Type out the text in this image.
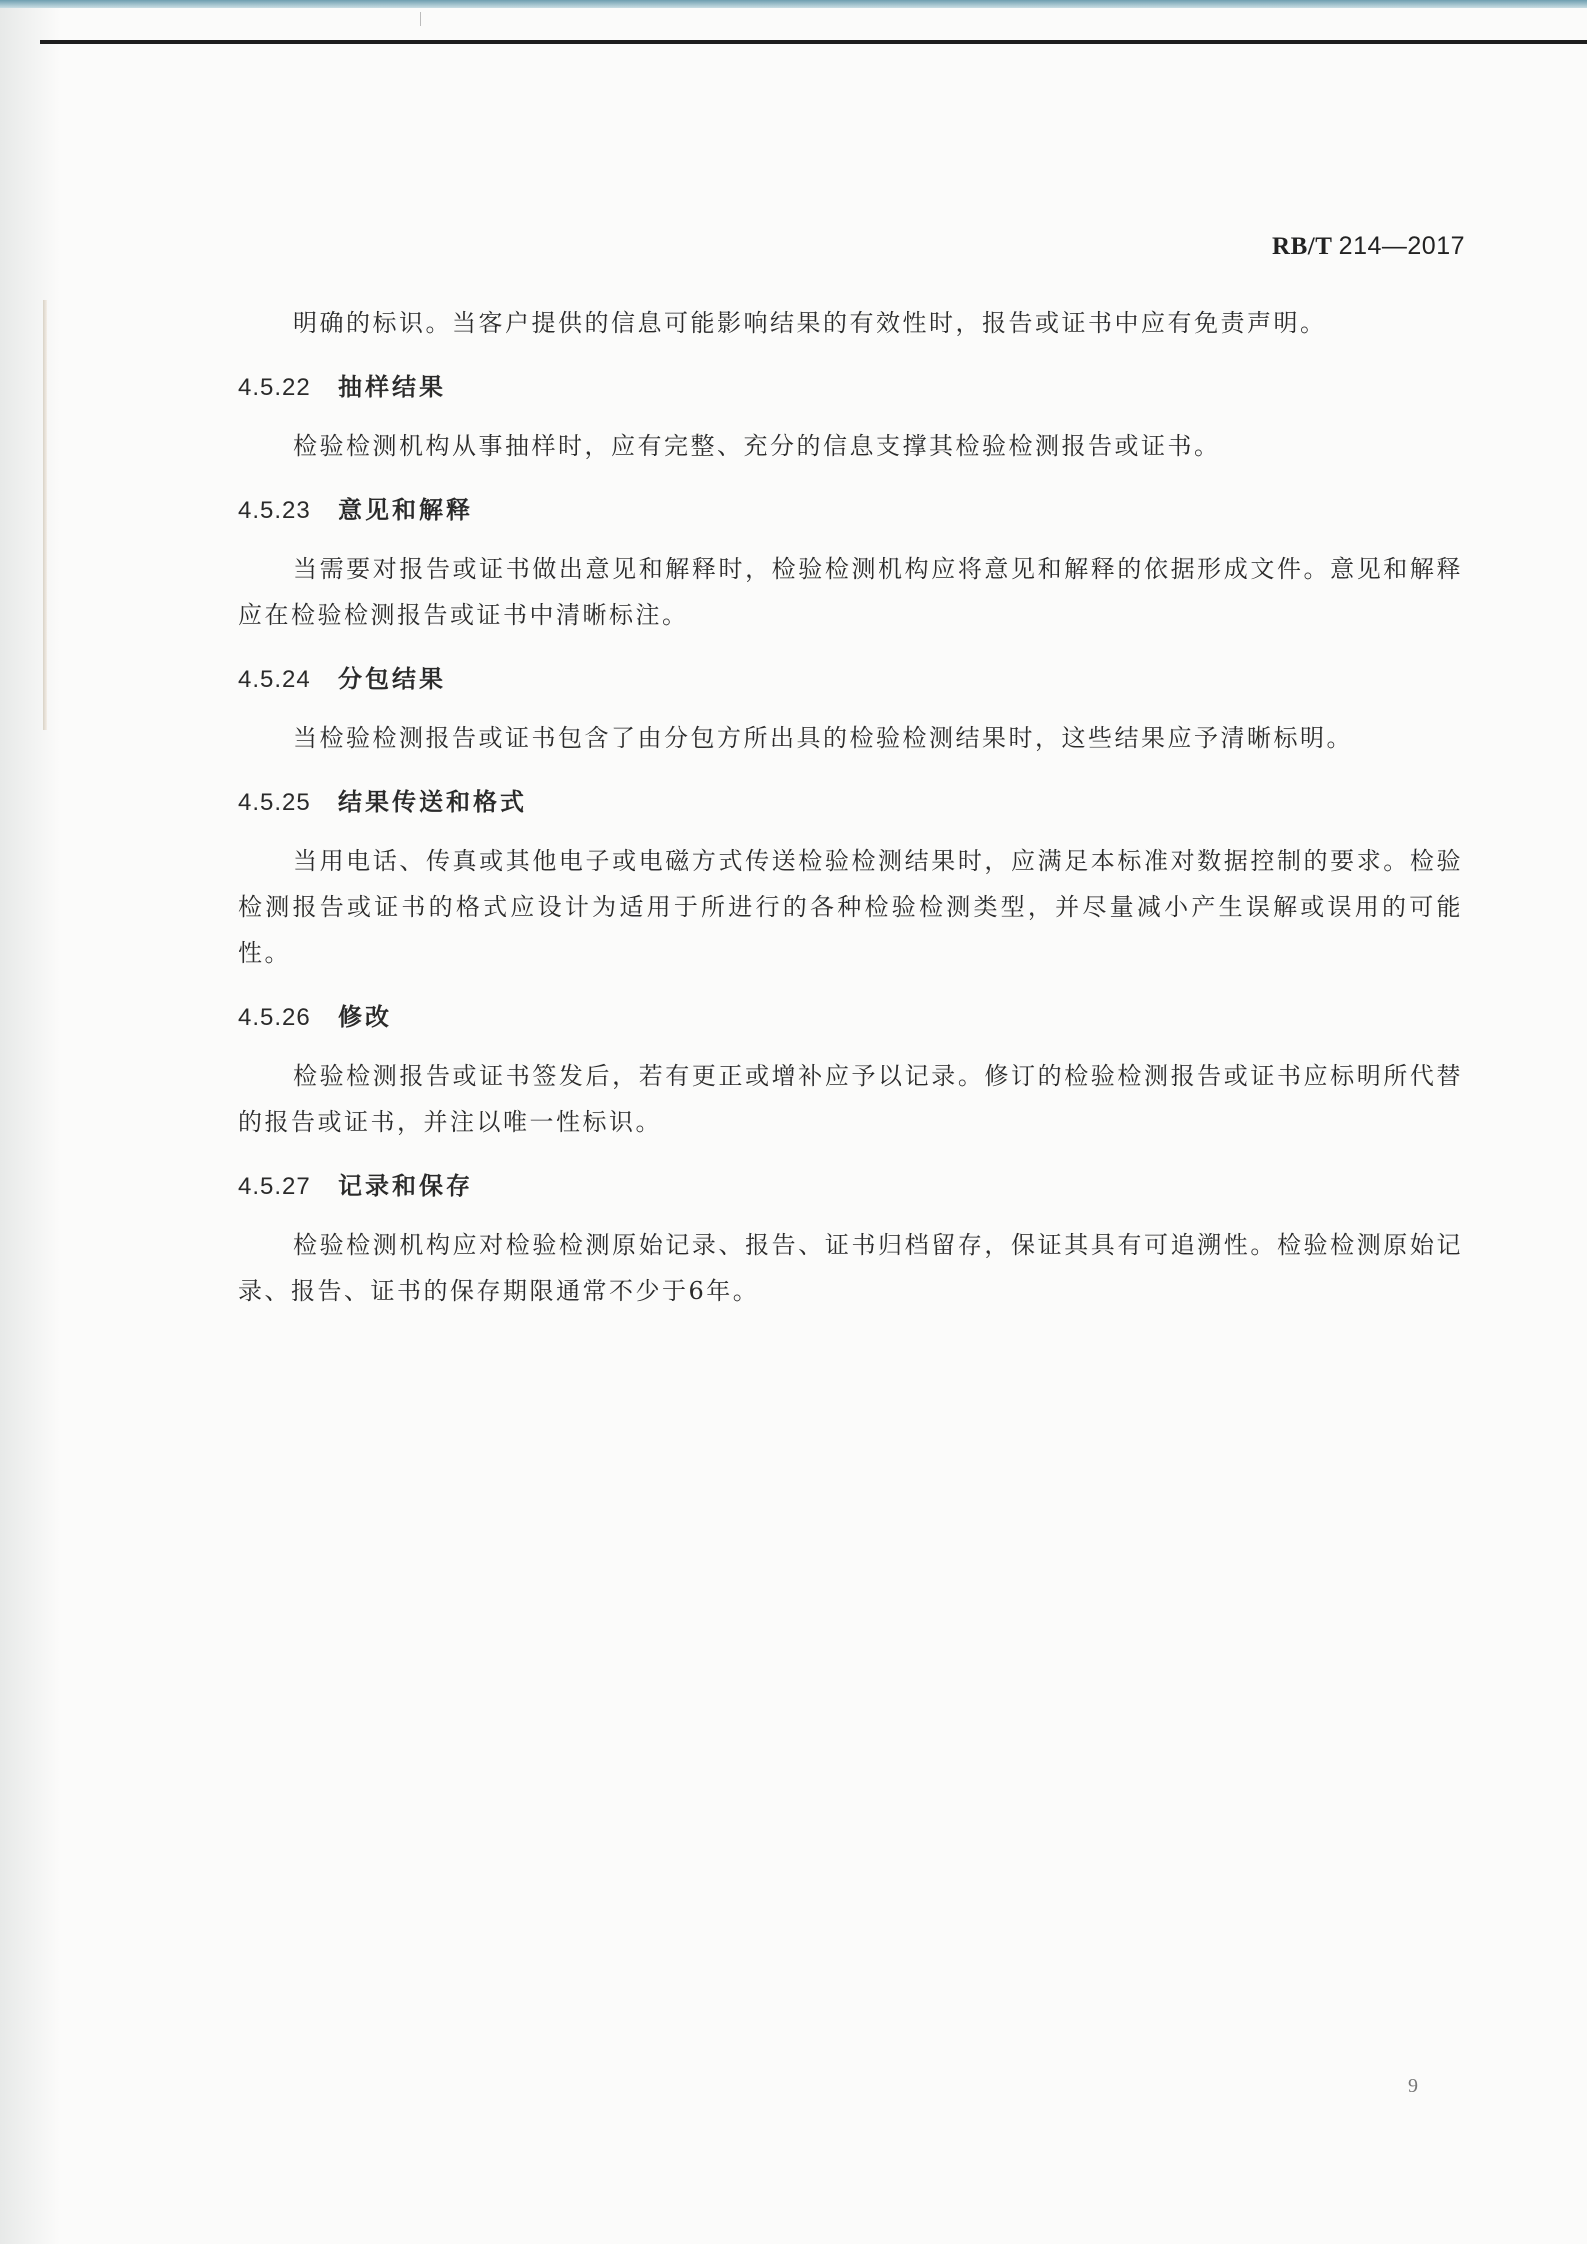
RB/T 214—2017

明确的标识。当客户提供的信息可能影响结果的有效性时，报告或证书中应有免责声明。

4.5.22 抽样结果

检验检测机构从事抽样时，应有完整、充分的信息支撑其检验检测报告或证书。

4.5.23 意见和解释

当需要对报告或证书做出意见和解释时，检验检测机构应将意见和解释的依据形成文件。意见和解释应在检验检测报告或证书中清晰标注。

4.5.24 分包结果

当检验检测报告或证书包含了由分包方所出具的检验检测结果时，这些结果应予清晰标明。

4.5.25 结果传送和格式

当用电话、传真或其他电子或电磁方式传送检验检测结果时，应满足本标准对数据控制的要求。检验检测报告或证书的格式应设计为适用于所进行的各种检验检测类型，并尽量减小产生误解或误用的可能性。

4.5.26 修改

检验检测报告或证书签发后，若有更正或增补应予以记录。修订的检验检测报告或证书应标明所代替的报告或证书，并注以唯一性标识。

4.5.27 记录和保存

检验检测机构应对检验检测原始记录、报告、证书归档留存，保证其具有可追溯性。检验检测原始记录、报告、证书的保存期限通常不少于6年。

9
